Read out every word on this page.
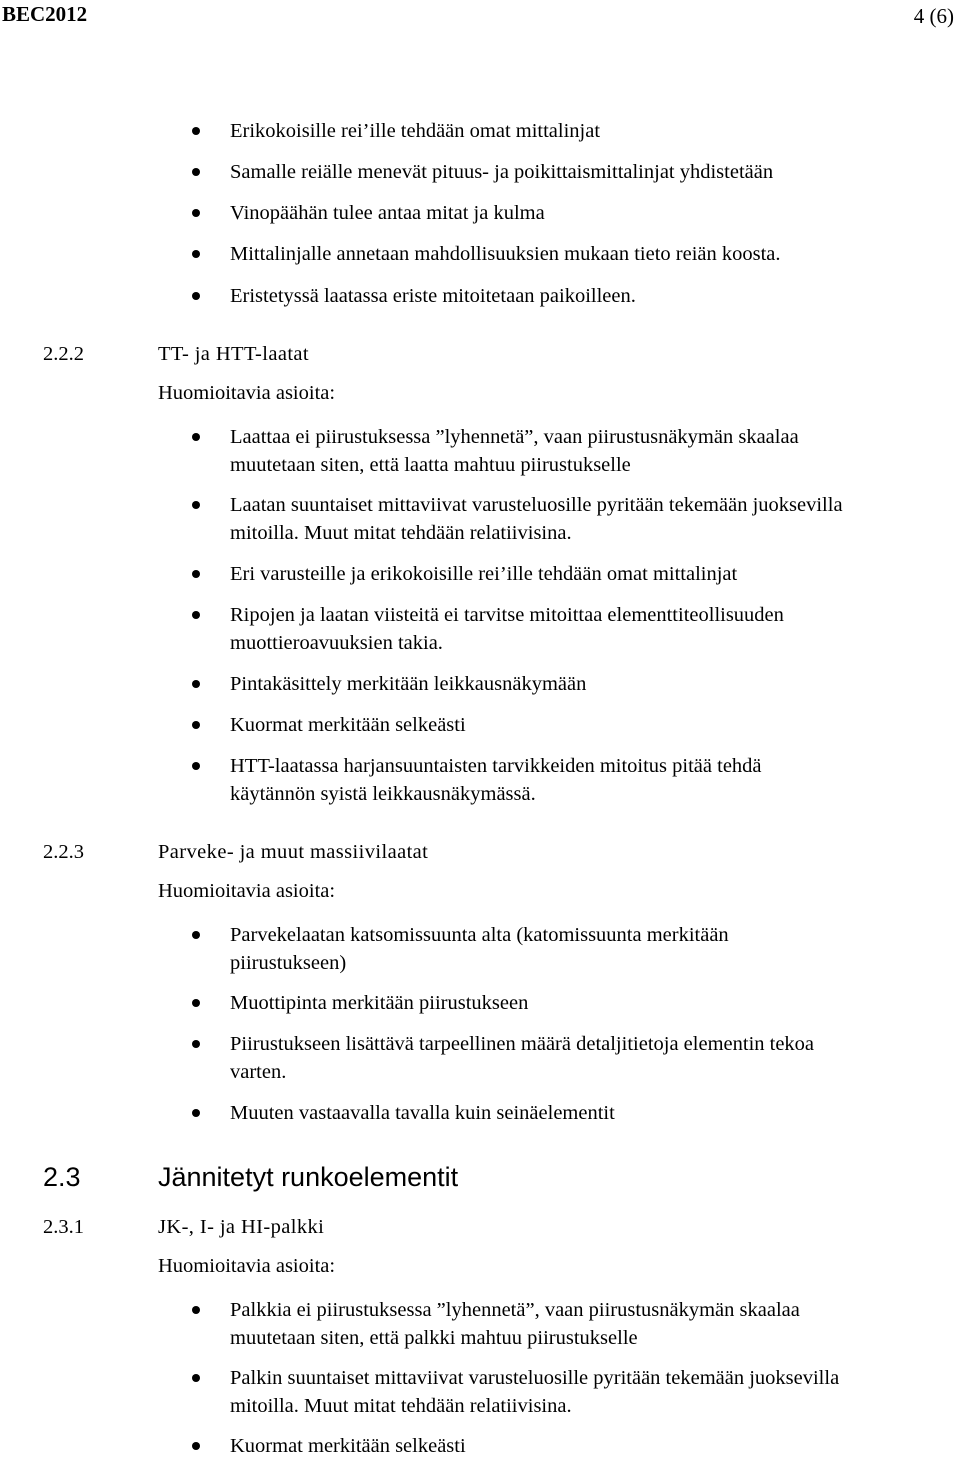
BEC2012	4 (6)
Erikokoisille rei’ille tehdään omat mittalinjat
Samalle reiälle menevät pituus- ja poikittaismittalinjat yhdistetään
Vinopäähän tulee antaa mitat ja kulma
Mittalinjalle annetaan mahdollisuuksien mukaan tieto reiän koosta.
Eristetyssä laatassa eriste mitoitetaan paikoilleen.
2.2.2	TT- ja HTT-laatat
Huomioitavia asioita:
Laattaa ei piirustuksessa ”lyhennetä”, vaan piirustusnäkymän skaalaa
muutetaan siten, että laatta mahtuu piirustukselle
Laatan suuntaiset mittaviivat varusteluosille pyritään tekemään juoksevilla
mitoilla. Muut mitat tehdään relatiivisina.
Eri varusteille ja erikokoisille rei’ille tehdään omat mittalinjat
Ripojen ja laatan viisteitä ei tarvitse mitoittaa elementtiteollisuuden
muottieroavuuksien takia.
Pintakäsittely merkitään leikkausnäkymään
Kuormat merkitään selkeästi
HTT-laatassa harjansuuntaisten tarvikkeiden mitoitus pitää tehdä
käytännön syistä leikkausnäkymässä.
2.2.3	Parveke- ja muut massiivilaatat
Huomioitavia asioita:
Parvekelaatan katsomissuunta alta (katomissuunta merkitään
piirustukseen)
Muottipinta merkitään piirustukseen
Piirustukseen lisättävä tarpeellinen määrä detaljitietoja elementin tekoa
varten.
Muuten vastaavalla tavalla kuin seinäelementit
2.3	Jännitetyt runkoelementit
2.3.1	JK-, I- ja HI-palkki
Huomioitavia asioita:
Palkkia ei piirustuksessa ”lyhennetä”, vaan piirustusnäkymän skaalaa
muutetaan siten, että palkki mahtuu piirustukselle
Palkin suuntaiset mittaviivat varusteluosille pyritään tekemään juoksevilla
mitoilla. Muut mitat tehdään relatiivisina.
Kuormat merkitään selkeästi
